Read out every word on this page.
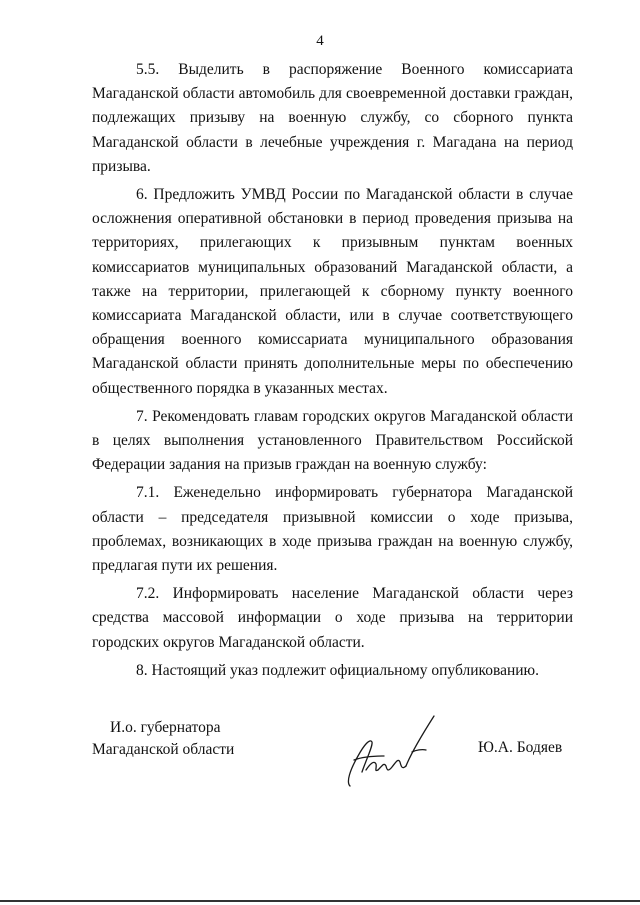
4

5.5. Выделить в распоряжение Военного комиссариата Магаданской области автомобиль для своевременной доставки граждан, подлежащих призыву на военную службу, со сборного пункта Магаданской области в лечебные учреждения г. Магадана на период призыва.

6. Предложить УМВД России по Магаданской области в случае осложнения оперативной обстановки в период проведения призыва на территориях, прилегающих к призывным пунктам военных комиссариатов муниципальных образований Магаданской области, а также на территории, прилегающей к сборному пункту военного комиссариата Магаданской области, или в случае соответствующего обращения военного комиссариата муниципального образования Магаданской области принять дополнительные меры по обеспечению общественного порядка в указанных местах.

7. Рекомендовать главам городских округов Магаданской области в целях выполнения установленного Правительством Российской Федерации задания на призыв граждан на военную службу:

7.1. Еженедельно информировать губернатора Магаданской области – председателя призывной комиссии о ходе призыва, проблемах, возникающих в ходе призыва граждан на военную службу, предлагая пути их решения.

7.2. Информировать население Магаданской области через средства массовой информации о ходе призыва на территории городских округов Магаданской области.

8. Настоящий указ подлежит официальному опубликованию.

И.о. губернатора
Магаданской области	Ю.А. Бодяев
